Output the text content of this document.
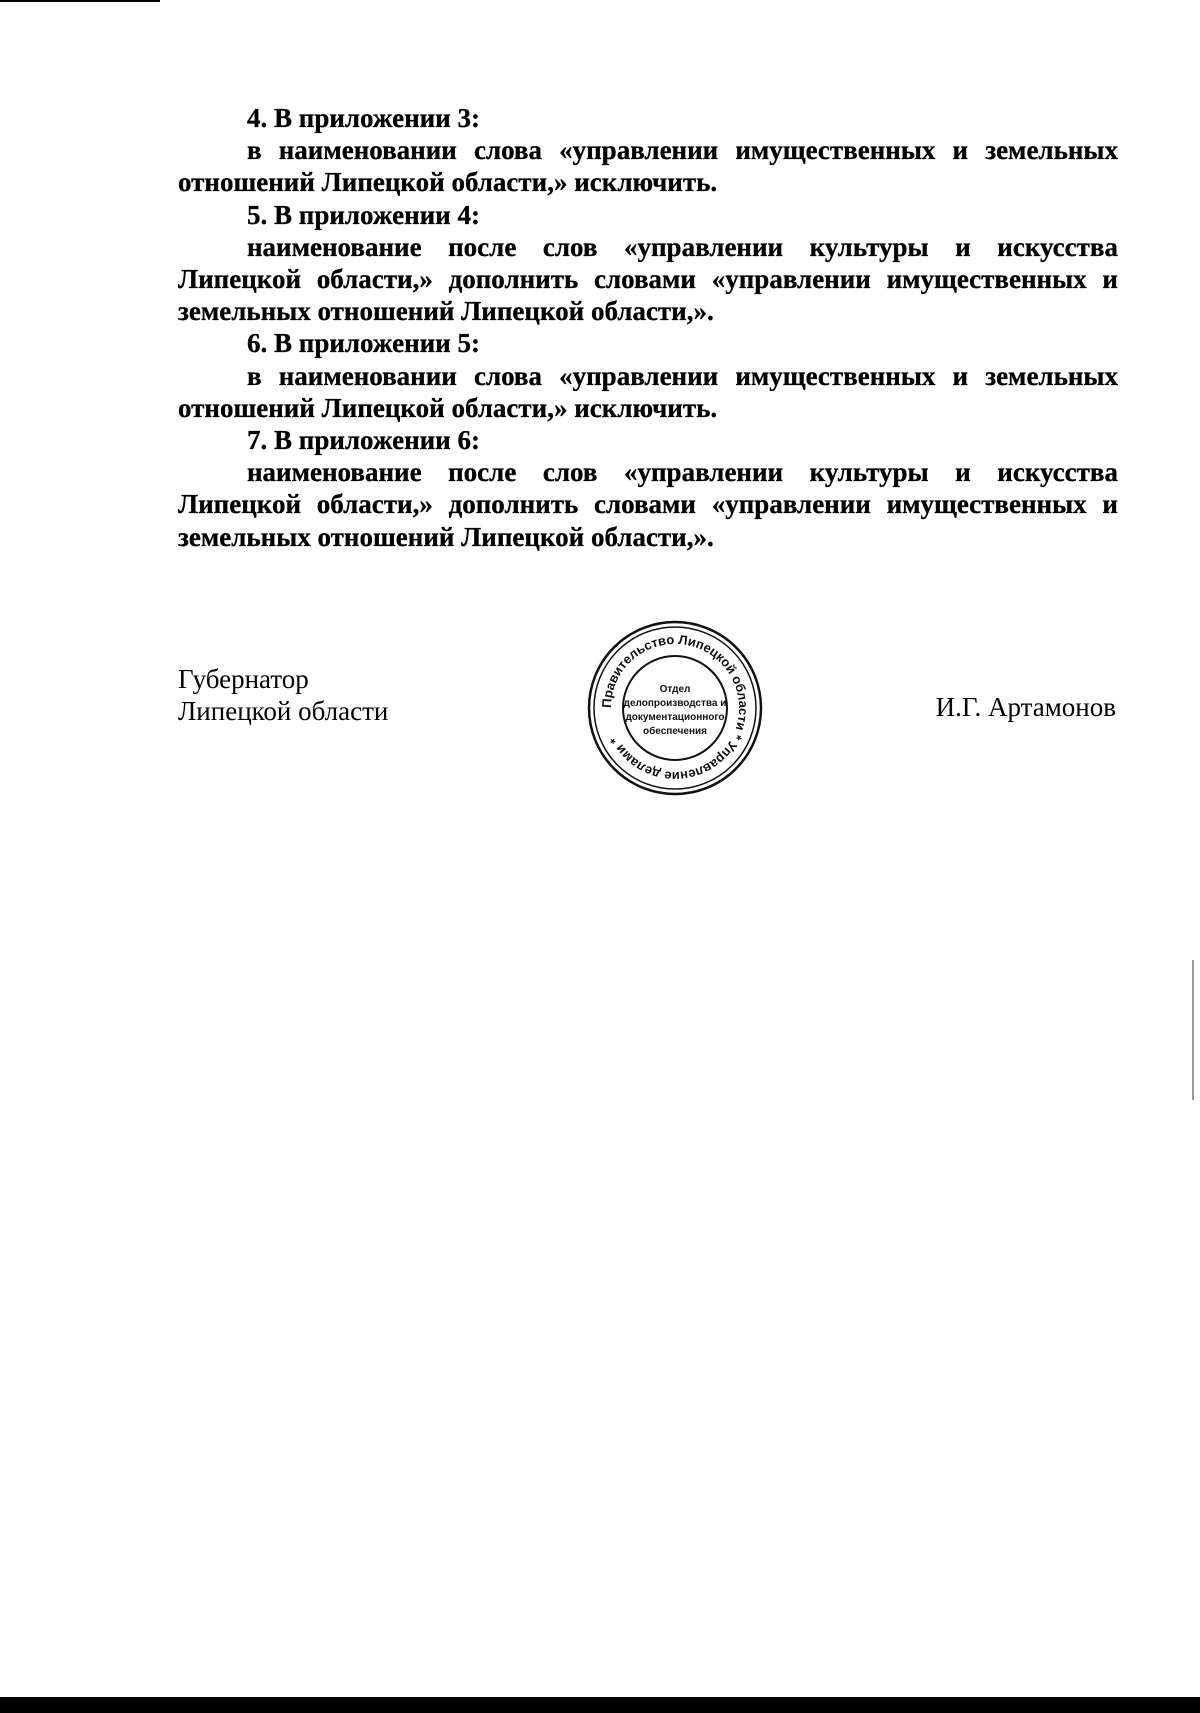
4. В приложении 3:

в наименовании слова «управлении имущественных и земельных отношений Липецкой области,» исключить.

5. В приложении 4:

наименование после слов «управлении культуры и искусства Липецкой области,» дополнить словами «управлении имущественных и земельных отношений Липецкой области,».

6. В приложении 5:

в наименовании слова «управлении имущественных и земельных отношений Липецкой области,» исключить.

7. В приложении 6:

наименование после слов «управлении культуры и искусства Липецкой области,» дополнить словами «управлении имущественных и земельных отношений Липецкой области,».

Губернатор
Липецкой области	Правительство Липецкой области * Управление делами *
Отдел
делопроизводства и
документационного
обеспечения
И.Г. Артамонов
